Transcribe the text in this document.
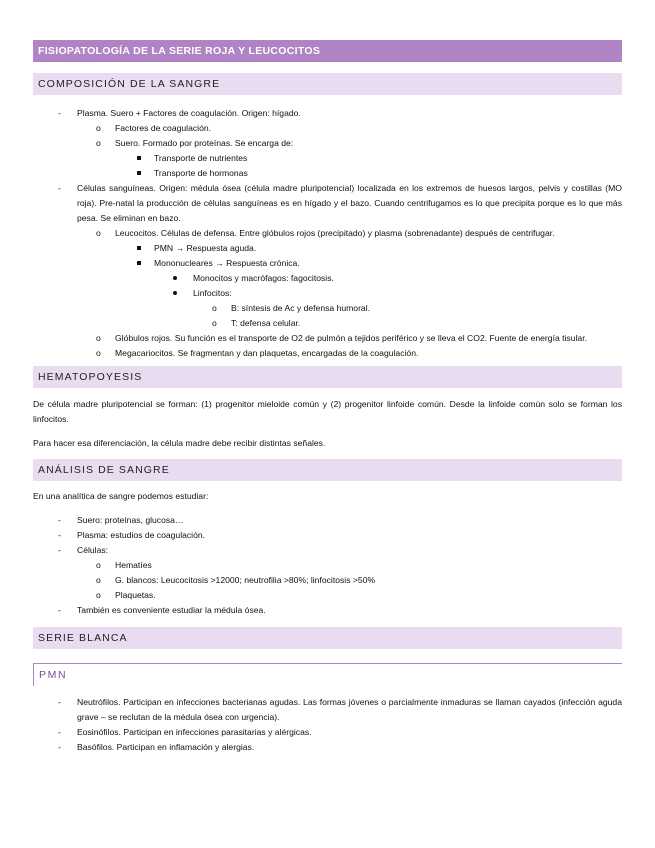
FISIOPATOLOGÍA DE LA SERIE ROJA Y LEUCOCITOS
COMPOSICIÓN DE LA SANGRE
- Plasma. Suero + Factores de coagulación. Origen: hígado.
o Factores de coagulación.
o Suero. Formado por proteínas. Se encarga de:
Transporte de nutrientes
Transporte de hormonas
- Células sanguíneas. Origen: médula ósea (célula madre pluripotencial) localizada en los extremos de huesos largos, pelvis y costillas (MO roja). Pre-natal la producción de células sanguíneas es en hígado y el bazo. Cuando centrifugamos es lo que precipita porque es lo que más pesa. Se eliminan en bazo.
o Leucocitos. Células de defensa. Entre glóbulos rojos (precipitado) y plasma (sobrenadante) después de centrifugar.
PMN → Respuesta aguda.
Mononucleares → Respuesta crónica.
Monocitos y macrófagos: fagocitosis.
Linfocitos:
o B: síntesis de Ac y defensa humoral.
o T: defensa celular.
o Glóbulos rojos. Su función es el transporte de O2 de pulmón a tejidos periférico y se lleva el CO2. Fuente de energía tisular.
o Megacariocitos. Se fragmentan y dan plaquetas, encargadas de la coagulación.
HEMATOPOYESIS
De célula madre pluripotencial se forman: (1) progenitor mieloide común y (2) progenitor linfoide común. Desde la linfoide común solo se forman los linfocitos.
Para hacer esa diferenciación, la célula madre debe recibir distintas señales.
ANÁLISIS DE SANGRE
En una analítica de sangre podemos estudiar:
- Suero: proteínas, glucosa…
- Plasma: estudios de coagulación.
- Células:
o Hematíes
o G. blancos: Leucocitosis >12000; neutrofilia >80%; linfocitosis >50%
o Plaquetas.
- También es conveniente estudiar la médula ósea.
SERIE BLANCA
PMN
- Neutrófilos. Participan en infecciones bacterianas agudas. Las formas jóvenes o parcialmente inmaduras se llaman cayados (infección aguda grave – se reclutan de la médula ósea con urgencia).
- Eosinófilos. Participan en infecciones parasitarias y alérgicas.
- Basófilos. Participan en inflamación y alergias.
